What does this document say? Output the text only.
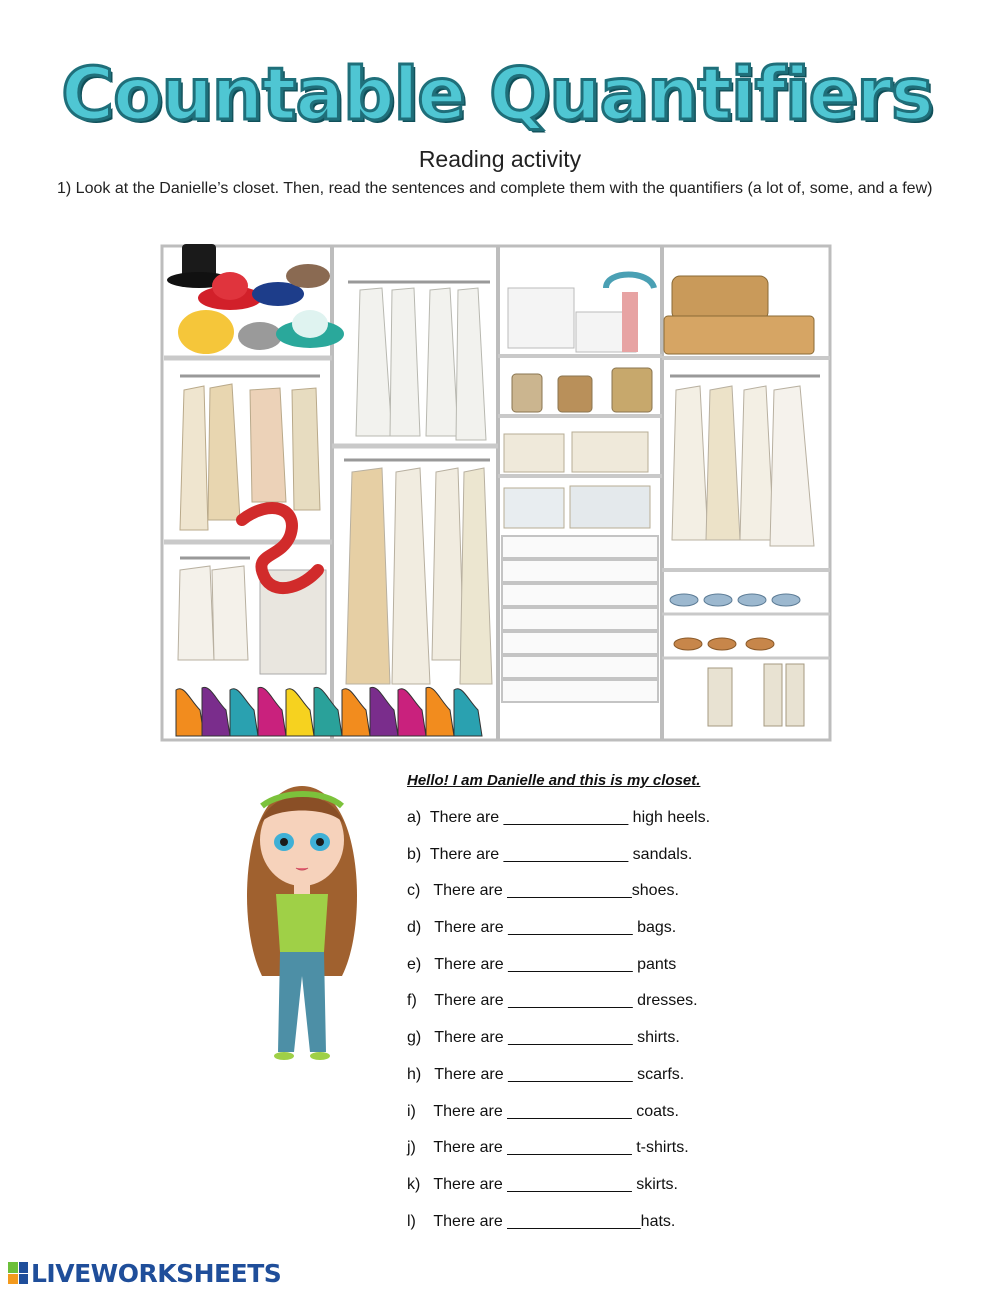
Countable Quantifiers
Reading activity
1) Look at the Danielle’s closet. Then, read the sentences and complete them with the quantifiers (a lot of, some, and a few)
Hello! I am Danielle and this is my closet.
a)  There are ______________ high heels.
b)  There are ______________ sandals.
c)   There are ______________shoes.
d)   There are ______________ bags.
e)   There are ______________ pants
f)    There are ______________ dresses.
g)   There are ______________ shirts.
h)   There are ______________ scarfs.
i)    There are ______________ coats.
j)    There are ______________ t-shirts.
k)   There are ______________ skirts.
l)    There are _______________hats.
LIVEWORKSHEETS
